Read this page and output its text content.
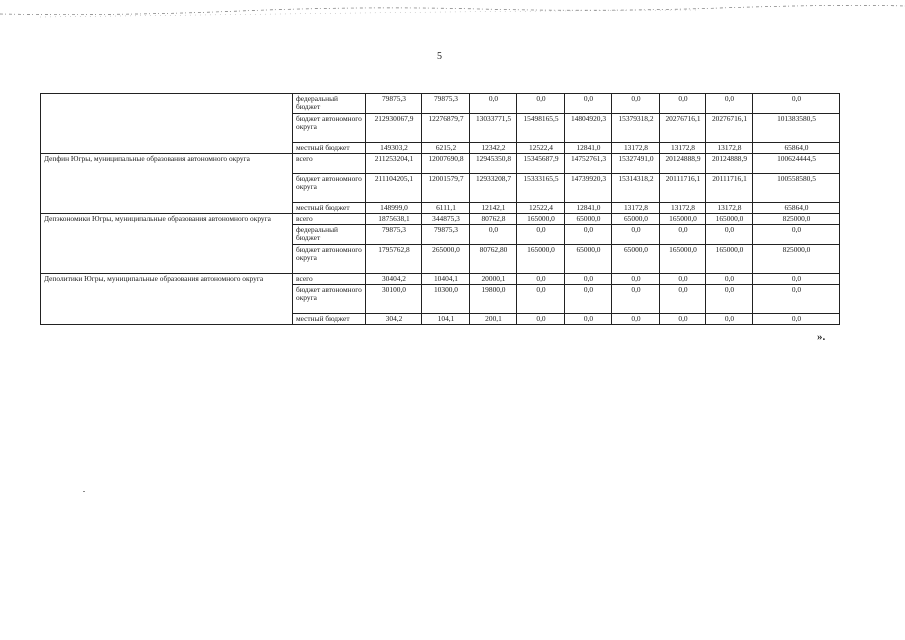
5
	федеральный бюджет	79875,3	79875,3	0,0	0,0	0,0	0,0	0,0	0,0	0,0
	бюджет автономного округа	212930067,9	12276879,7	13033771,5	15498165,5	14804920,3	15379318,2	20276716,1	20276716,1	101383580,5
	местный бюджет	149303,2	6215,2	12342,2	12522,4	12841,0	13172,8	13172,8	13172,8	65864,0
Депфин Югры, муниципальные образования автономного округа	всего	211253204,1	12007690,8	12945350,8	15345687,9	14752761,3	15327491,0	20124888,9	20124888,9	100624444,5
	бюджет автономного округа	211104205,1	12001579,7	12933208,7	15333165,5	14739920,3	15314318,2	20111716,1	20111716,1	100558580,5
	местный бюджет	148999,0	6111,1	12142,1	12522,4	12841,0	13172,8	13172,8	13172,8	65864,0
Депэкономики Югры, муниципальные образования автономного округа	всего	1875638,1	344875,3	80762,8	165000,0	65000,0	65000,0	165000,0	165000,0	825000,0
	федеральный бюджет	79875,3	79875,3	0,0	0,0	0,0	0,0	0,0	0,0	0,0
	бюджет автономного округа	1795762,8	265000,0	80762,80	165000,0	65000,0	65000,0	165000,0	165000,0	825000,0
Деполитики Югры, муниципальные образования автономного округа	всего	30404,2	10404,1	20000,1	0,0	0,0	0,0	0,0	0,0	0,0
	бюджет автономного округа	30100,0	10300,0	19800,0	0,0	0,0	0,0	0,0	0,0	0,0
	местный бюджет	304,2	104,1	200,1	0,0	0,0	0,0	0,0	0,0	0,0
».
